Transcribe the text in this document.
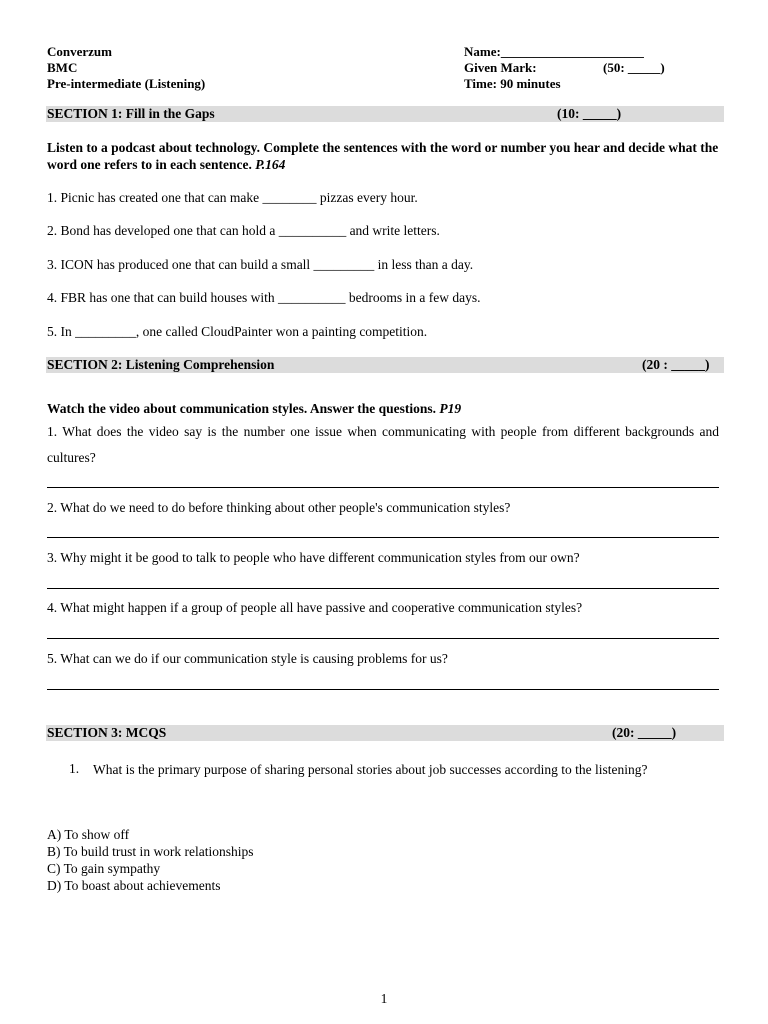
Converzum
BMC
Pre-intermediate (Listening)
Name:______________________
Given Mark:	(50: _____)
Time: 90 minutes
SECTION 1: Fill in the Gaps	(10: _____)
Listen to a podcast about technology. Complete the sentences with the word or number you hear and decide what the word one refers to in each sentence. P.164
1. Picnic has created one that can make ________ pizzas every hour.
2. Bond has developed one that can hold a __________ and write letters.
3. ICON has produced one that can build a small _________ in less than a day.
4. FBR has one that can build houses with __________ bedrooms in a few days.
5. In _________, one called CloudPainter won a painting competition.
SECTION 2: Listening Comprehension	(20 : _____)
Watch the video about communication styles. Answer the questions. P19
1. What does the video say is the number one issue when communicating with people from different backgrounds and cultures?
2. What do we need to do before thinking about other people's communication styles?
3. Why might it be good to talk to people who have different communication styles from our own?
4. What might happen if a group of people all have passive and cooperative communication styles?
5. What can we do if our communication style is causing problems for us?
SECTION 3: MCQS	(20: _____)
1. What is the primary purpose of sharing personal stories about job successes according to the listening?
A) To show off
B) To build trust in work relationships
C) To gain sympathy
D) To boast about achievements
1
